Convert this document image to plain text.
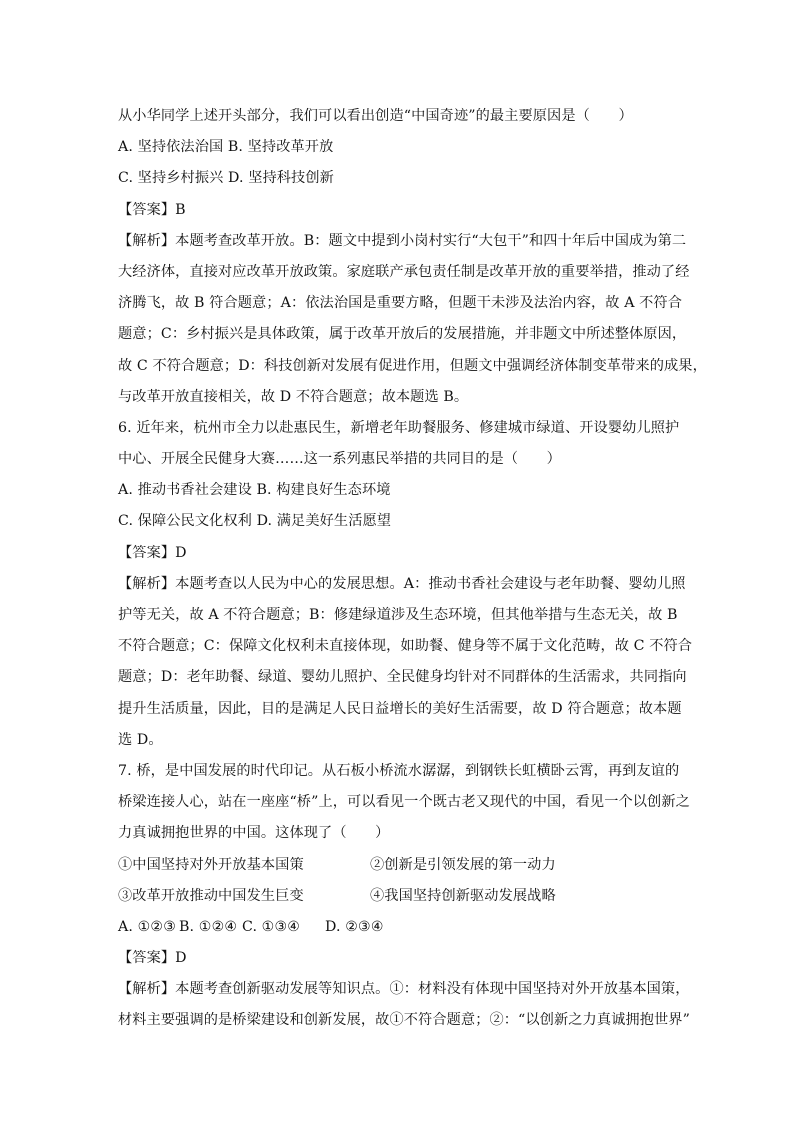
从小华同学上述开头部分，我们可以看出创造“中国奇迹”的最主要原因是（　　）
A. 坚持依法治国 B. 坚持改革开放
C. 坚持乡村振兴 D. 坚持科技创新
【答案】B
【解析】本题考查改革开放。B：题文中提到小岗村实行“大包干”和四十年后中国成为第二
大经济体，直接对应改革开放政策。家庭联产承包责任制是改革开放的重要举措，推动了经
济腾飞，故 B 符合题意；A：依法治国是重要方略，但题干未涉及法治内容，故 A 不符合
题意；C：乡村振兴是具体政策，属于改革开放后的发展措施，并非题文中所述整体原因，
故 C 不符合题意；D：科技创新对发展有促进作用，但题文中强调经济体制变革带来的成果，
与改革开放直接相关，故 D 不符合题意；故本题选 B。
6. 近年来，杭州市全力以赴惠民生，新增老年助餐服务、修建城市绿道、开设婴幼儿照护
中心、开展全民健身大赛……这一系列惠民举措的共同目的是（　　）
A. 推动书香社会建设 B. 构建良好生态环境
C. 保障公民文化权利 D. 满足美好生活愿望
【答案】D
【解析】本题考查以人民为中心的发展思想。A：推动书香社会建设与老年助餐、婴幼儿照
护等无关，故 A 不符合题意；B：修建绿道涉及生态环境，但其他举措与生态无关，故 B
不符合题意；C：保障文化权利未直接体现，如助餐、健身等不属于文化范畴，故 C 不符合
题意；D：老年助餐、绿道、婴幼儿照护、全民健身均针对不同群体的生活需求，共同指向
提升生活质量，因此，目的是满足人民日益增长的美好生活需要，故 D 符合题意；故本题
选 D。
7. 桥，是中国发展的时代印记。从石板小桥流水潺潺，到钢铁长虹横卧云霄，再到友谊的
桥梁连接人心，站在一座座“桥”上，可以看见一个既古老又现代的中国，看见一个以创新之
力真诚拥抱世界的中国。这体现了（　　）
①中国坚持对外开放基本国策	②创新是引领发展的第一动力
③改革开放推动中国发生巨变	④我国坚持创新驱动发展战略
A. ①②③ B. ①②④ C. ①③④ D. ②③④
【答案】D
【解析】本题考查创新驱动发展等知识点。①：材料没有体现中国坚持对外开放基本国策，
材料主要强调的是桥梁建设和创新发展，故①不符合题意；②：“以创新之力真诚拥抱世界”
